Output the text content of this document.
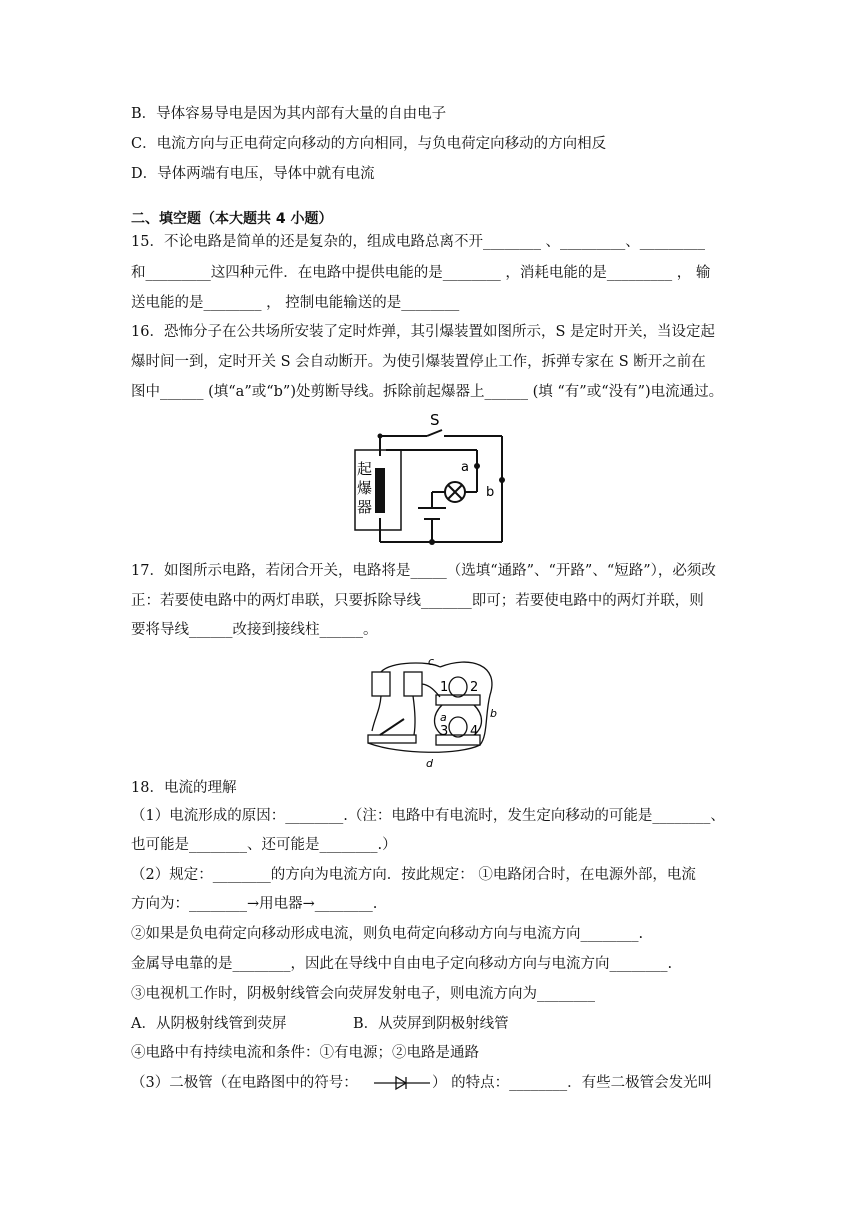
B．导体容易导电是因为其内部有大量的自由电子
C．电流方向与正电荷定向移动的方向相同，与负电荷定向移动的方向相反
D．导体两端有电压，导体中就有电流
二、填空题（本大题共 4 小题）
15．不论电路是简单的还是复杂的，组成电路总离不开________ 、_________、_________
和_________这四种元件．在电路中提供电能的是________ ，消耗电能的是_________ ， 输
送电能的是________ ， 控制电能输送的是________
16．恐怖分子在公共场所安装了定时炸弹，其引爆装置如图所示，S 是定时开关，当设定起
爆时间一到，定时开关 S 会自动断开。为使引爆装置停止工作，拆弹专家在 S 断开之前在
图中______ (填“a”或“b”)处剪断导线。拆除前起爆器上______ (填 “有”或“没有”)电流通过。
S
a
b
起
爆
器
17．如图所示电路，若闭合开关，电路将是_____（选填“通路”、“开路”、“短路”），必须改
正：若要使电路中的两灯串联，只要拆除导线_______即可；若要使电路中的两灯并联，则
要将导线______改接到接线柱______。
c
b
a
d
1 2
3 4
18．电流的理解
（1）电流形成的原因：________.（注：电路中有电流时，发生定向移动的可能是________、
也可能是________、还可能是________.）
（2）规定：________的方向为电流方向．按此规定： ①电路闭合时，在电源外部，电流
方向为：________→用电器→________.
②如果是负电荷定向移动形成电流，则负电荷定向移动方向与电流方向________.
金属导电靠的是________，因此在导线中自由电子定向移动方向与电流方向________.
③电视机工作时，阴极射线管会向荧屏发射电子，则电流方向为________
A．从阴极射线管到荧屏	B．从荧屏到阴极射线管
④电路中有持续电流和条件：①有电源；②电路是通路
（3）二极管（在电路图中的符号：	） 的特点：________．有些二极管会发光叫
